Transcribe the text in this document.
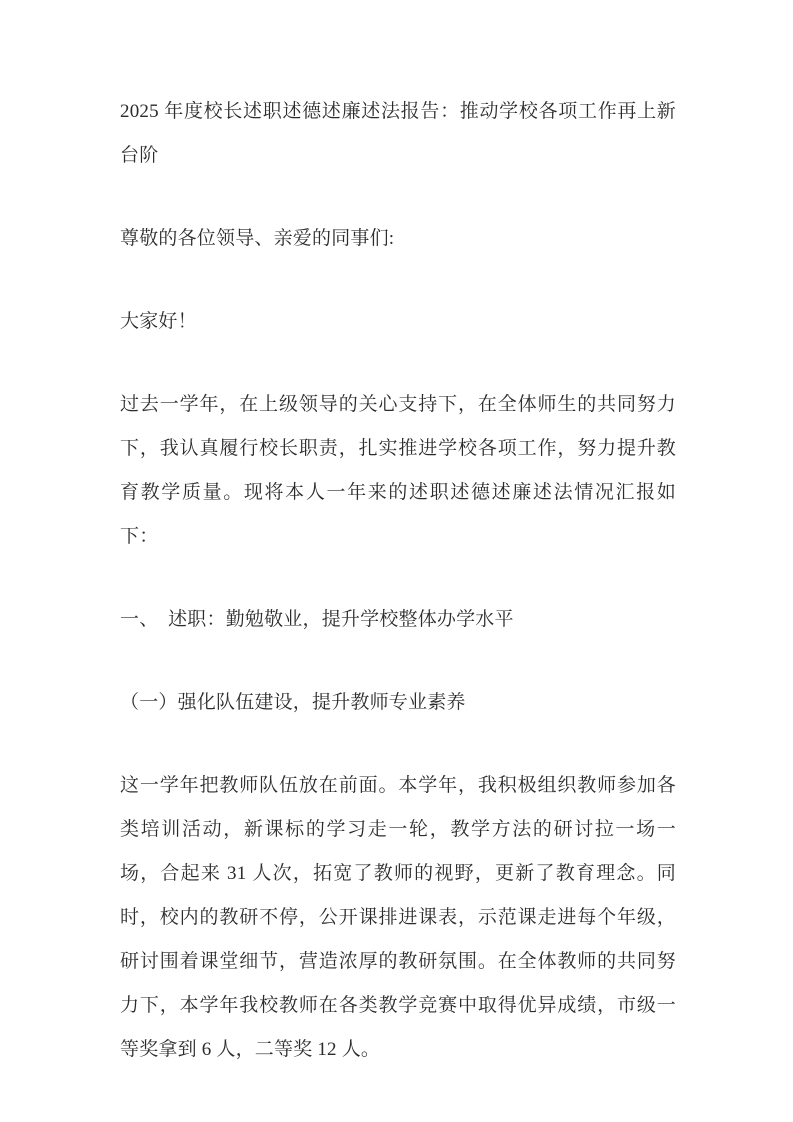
2025 年度校长述职述德述廉述法报告：推动学校各项工作再上新台阶

尊敬的各位领导、亲爱的同事们:

大家好！

过去一学年，在上级领导的关心支持下，在全体师生的共同努力下，我认真履行校长职责，扎实推进学校各项工作，努力提升教育教学质量。现将本人一年来的述职述德述廉述法情况汇报如下：

一、 述职：勤勉敬业，提升学校整体办学水平

（一）强化队伍建设，提升教师专业素养

这一学年把教师队伍放在前面。本学年，我积极组织教师参加各类培训活动，新课标的学习走一轮，教学方法的研讨拉一场一场，合起来 31 人次，拓宽了教师的视野，更新了教育理念。同时，校内的教研不停，公开课排进课表，示范课走进每个年级，研讨围着课堂细节，营造浓厚的教研氛围。在全体教师的共同努力下，本学年我校教师在各类教学竞赛中取得优异成绩，市级一等奖拿到 6 人，二等奖 12 人。
